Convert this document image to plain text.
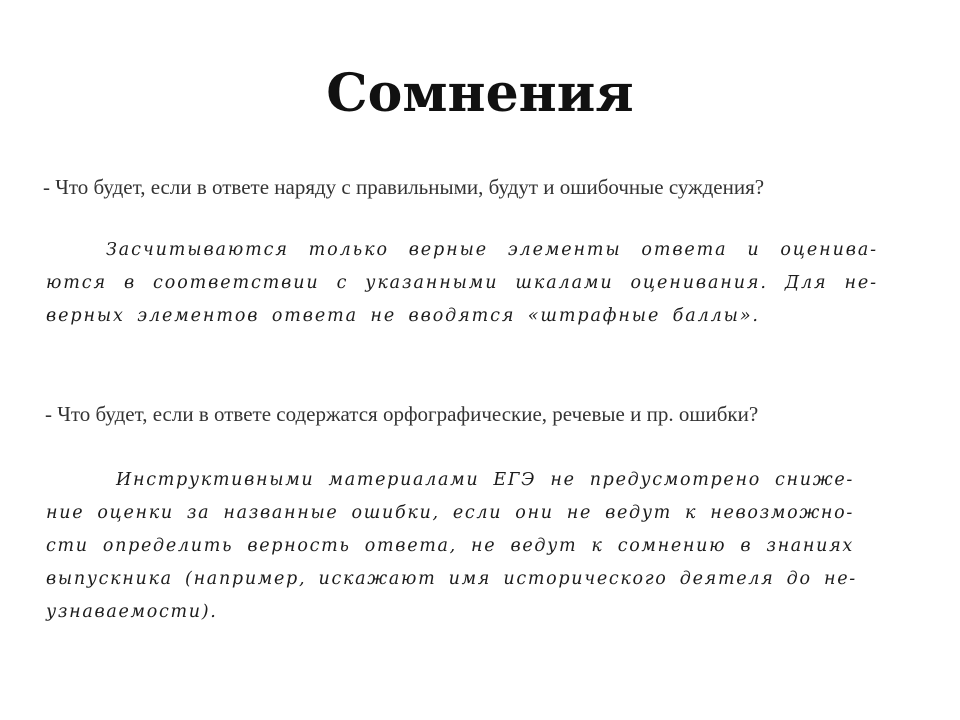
Сомнения

- Что будет, если в ответе наряду с правильными, будут и ошибочные суждения?

Засчитываются только верные элементы ответа и оценива-
ются в соответствии с указанными шкалами оценивания. Для не-
верных элементов ответа не вводятся «штрафные баллы».

- Что будет, если в ответе содержатся орфографические, речевые и пр. ошибки?

Инструктивными материалами ЕГЭ не предусмотрено сниже-
ние оценки за названные ошибки, если они не ведут к невозможно-
сти определить верность ответа, не ведут к сомнению в знаниях
выпускника (например, искажают имя исторического деятеля до не-
узнаваемости).
